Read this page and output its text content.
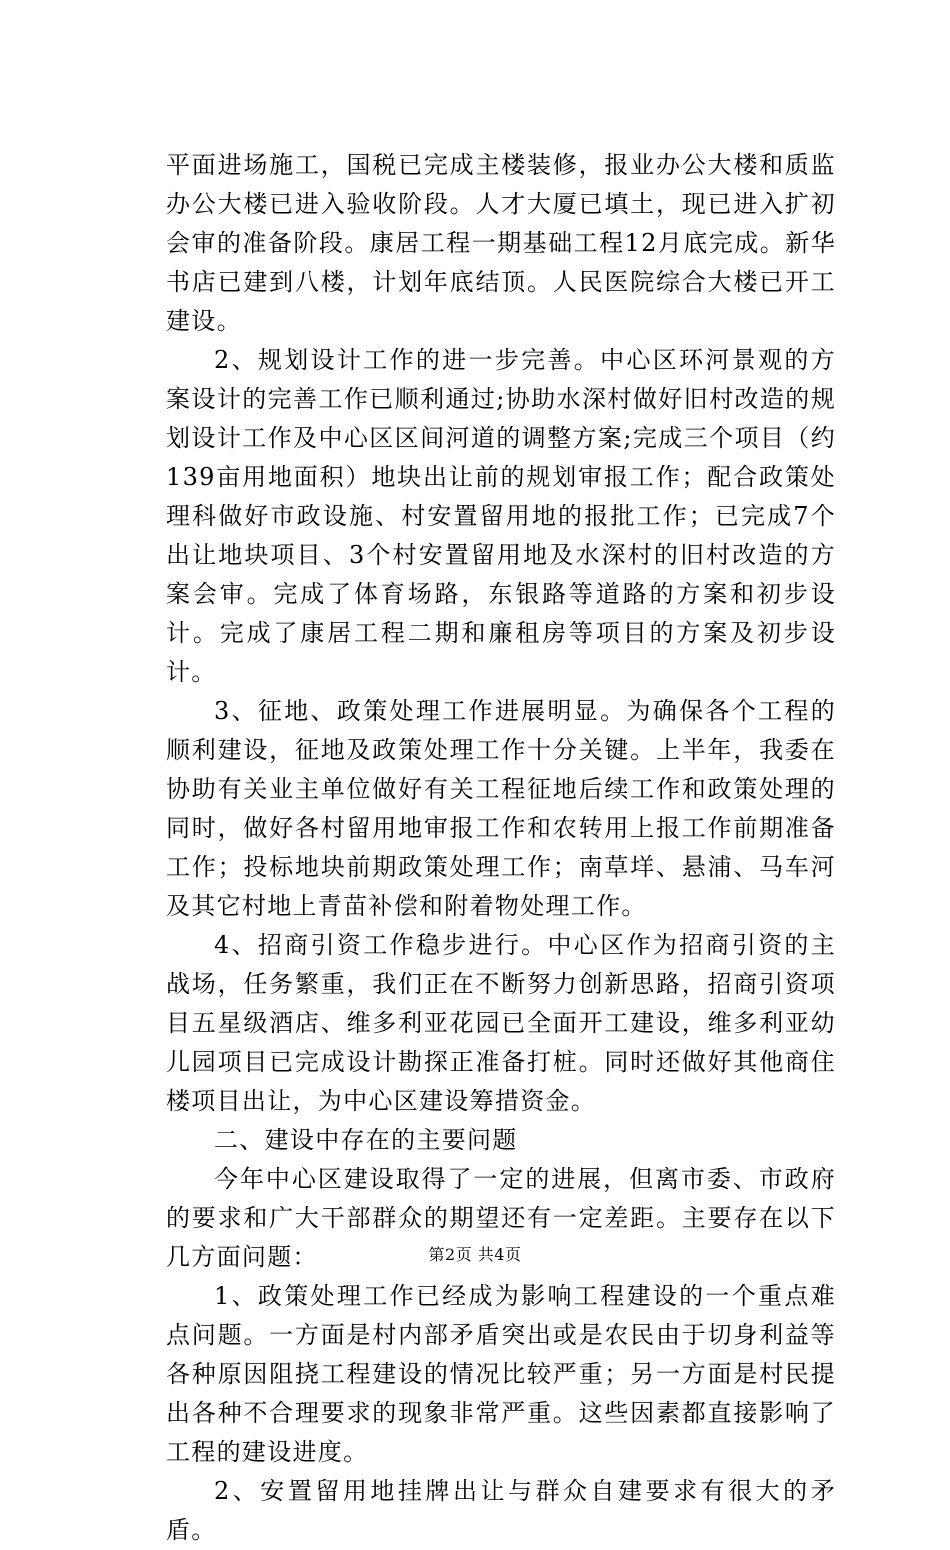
平面进场施工，国税已完成主楼装修，报业办公大楼和质监办公大楼已进入验收阶段。人才大厦已填土，现已进入扩初会审的准备阶段。康居工程一期基础工程12月底完成。新华书店已建到八楼，计划年底结顶。人民医院综合大楼已开工建设。

2、规划设计工作的进一步完善。中心区环河景观的方案设计的完善工作已顺利通过;协助水深村做好旧村改造的规划设计工作及中心区区间河道的调整方案;完成三个项目（约139亩用地面积）地块出让前的规划审报工作；配合政策处理科做好市政设施、村安置留用地的报批工作；已完成7个出让地块项目、3个村安置留用地及水深村的旧村改造的方案会审。完成了体育场路，东银路等道路的方案和初步设计。完成了康居工程二期和廉租房等项目的方案及初步设计。

3、征地、政策处理工作进展明显。为确保各个工程的顺利建设，征地及政策处理工作十分关键。上半年，我委在协助有关业主单位做好有关工程征地后续工作和政策处理的同时，做好各村留用地审报工作和农转用上报工作前期准备工作；投标地块前期政策处理工作；南草垟、悬浦、马车河及其它村地上青苗补偿和附着物处理工作。

4、招商引资工作稳步进行。中心区作为招商引资的主战场，任务繁重，我们正在不断努力创新思路，招商引资项目五星级酒店、维多利亚花园已全面开工建设，维多利亚幼儿园项目已完成设计勘探正准备打桩。同时还做好其他商住楼项目出让，为中心区建设筹措资金。

二、建设中存在的主要问题

今年中心区建设取得了一定的进展，但离市委、市政府的要求和广大干部群众的期望还有一定差距。主要存在以下几方面问题：

1、政策处理工作已经成为影响工程建设的一个重点难点问题。一方面是村内部矛盾突出或是农民由于切身利益等各种原因阻挠工程建设的情况比较严重；另一方面是村民提出各种不合理要求的现象非常严重。这些因素都直接影响了工程的建设进度。

2、安置留用地挂牌出让与群众自建要求有很大的矛盾。

第2页 共4页
